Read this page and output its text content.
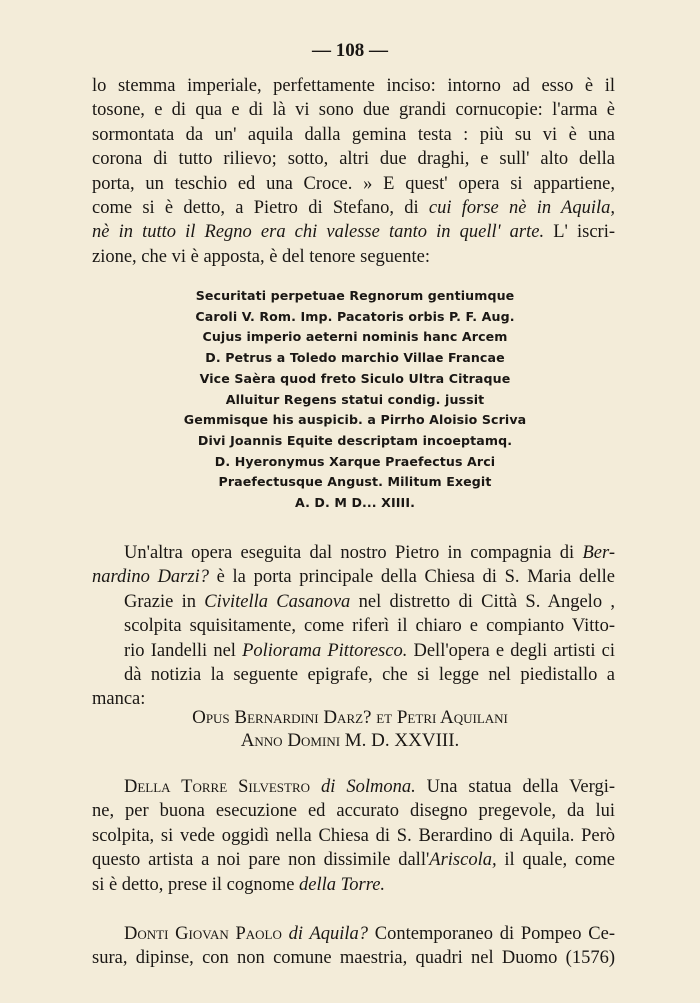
— 108 —
lo stemma imperiale, perfettamente inciso: intorno ad esso è il
tosone, e di qua e di là vi sono due grandi cornucopie: l'arma è
sormontata da un' aquila dalla gemina testa : più su vi è una
corona di tutto rilievo; sotto, altri due draghi, e sull' alto della
porta, un teschio ed una Croce. » E quest' opera si appartiene,
come si è detto, a Pietro di Stefano, di cui forse nè in Aquila,
nè in tutto il Regno era chi valesse tanto in quell' arte. L' iscri-
zione, che vi è apposta, è del tenore seguente:
Securitati perpetuae Regnorum gentiumque
Caroli V. Rom. Imp. Pacatoris orbis P. F. Aug.
Cujus imperio aeterni nominis hanc Arcem
D. Petrus a Toledo marchio Villae Francae
Vice Saèra quod freto Siculo Ultra Citraque
Alluitur Regens statui condig. jussit
Gemmisque his auspicib. a Pirrho Aloisio Scriva
Divi Joannis Equite descriptam incoeptamq.
D. Hyeronymus Xarque Praefectus Arci
Praefectusque Angust. Militum Exegit
A. D. M D... XIIII.
Un'altra opera eseguita dal nostro Pietro in compagnia di Ber-
nardino Darzi? è la porta principale della Chiesa di S. Maria delle
Grazie in Civitella Casanova nel distretto di Città S. Angelo ,
scolpita squisitamente, come riferì il chiaro e compianto Vitto-
rio Iandelli nel Poliorama Pittoresco. Dell'opera e degli artisti ci
dà notizia la seguente epigrafe, che si legge nel piedistallo a manca:
Opus Bernardini Darz? et Petri Aquilani
Anno Domini M. D. XXVIII.
Della Torre Silvestro di Solmona. Una statua della Vergi-
ne, per buona esecuzione ed accurato disegno pregevole, da lui
scolpita, si vede oggidì nella Chiesa di S. Berardino di Aquila. Però
questo artista a noi pare non dissimile dall'Ariscola, il quale, come
si è detto, prese il cognome della Torre.
Donti Giovan Paolo di Aquila? Contemporaneo di Pompeo Ce-
sura, dipinse, con non comune maestria, quadri nel Duomo (1576)
